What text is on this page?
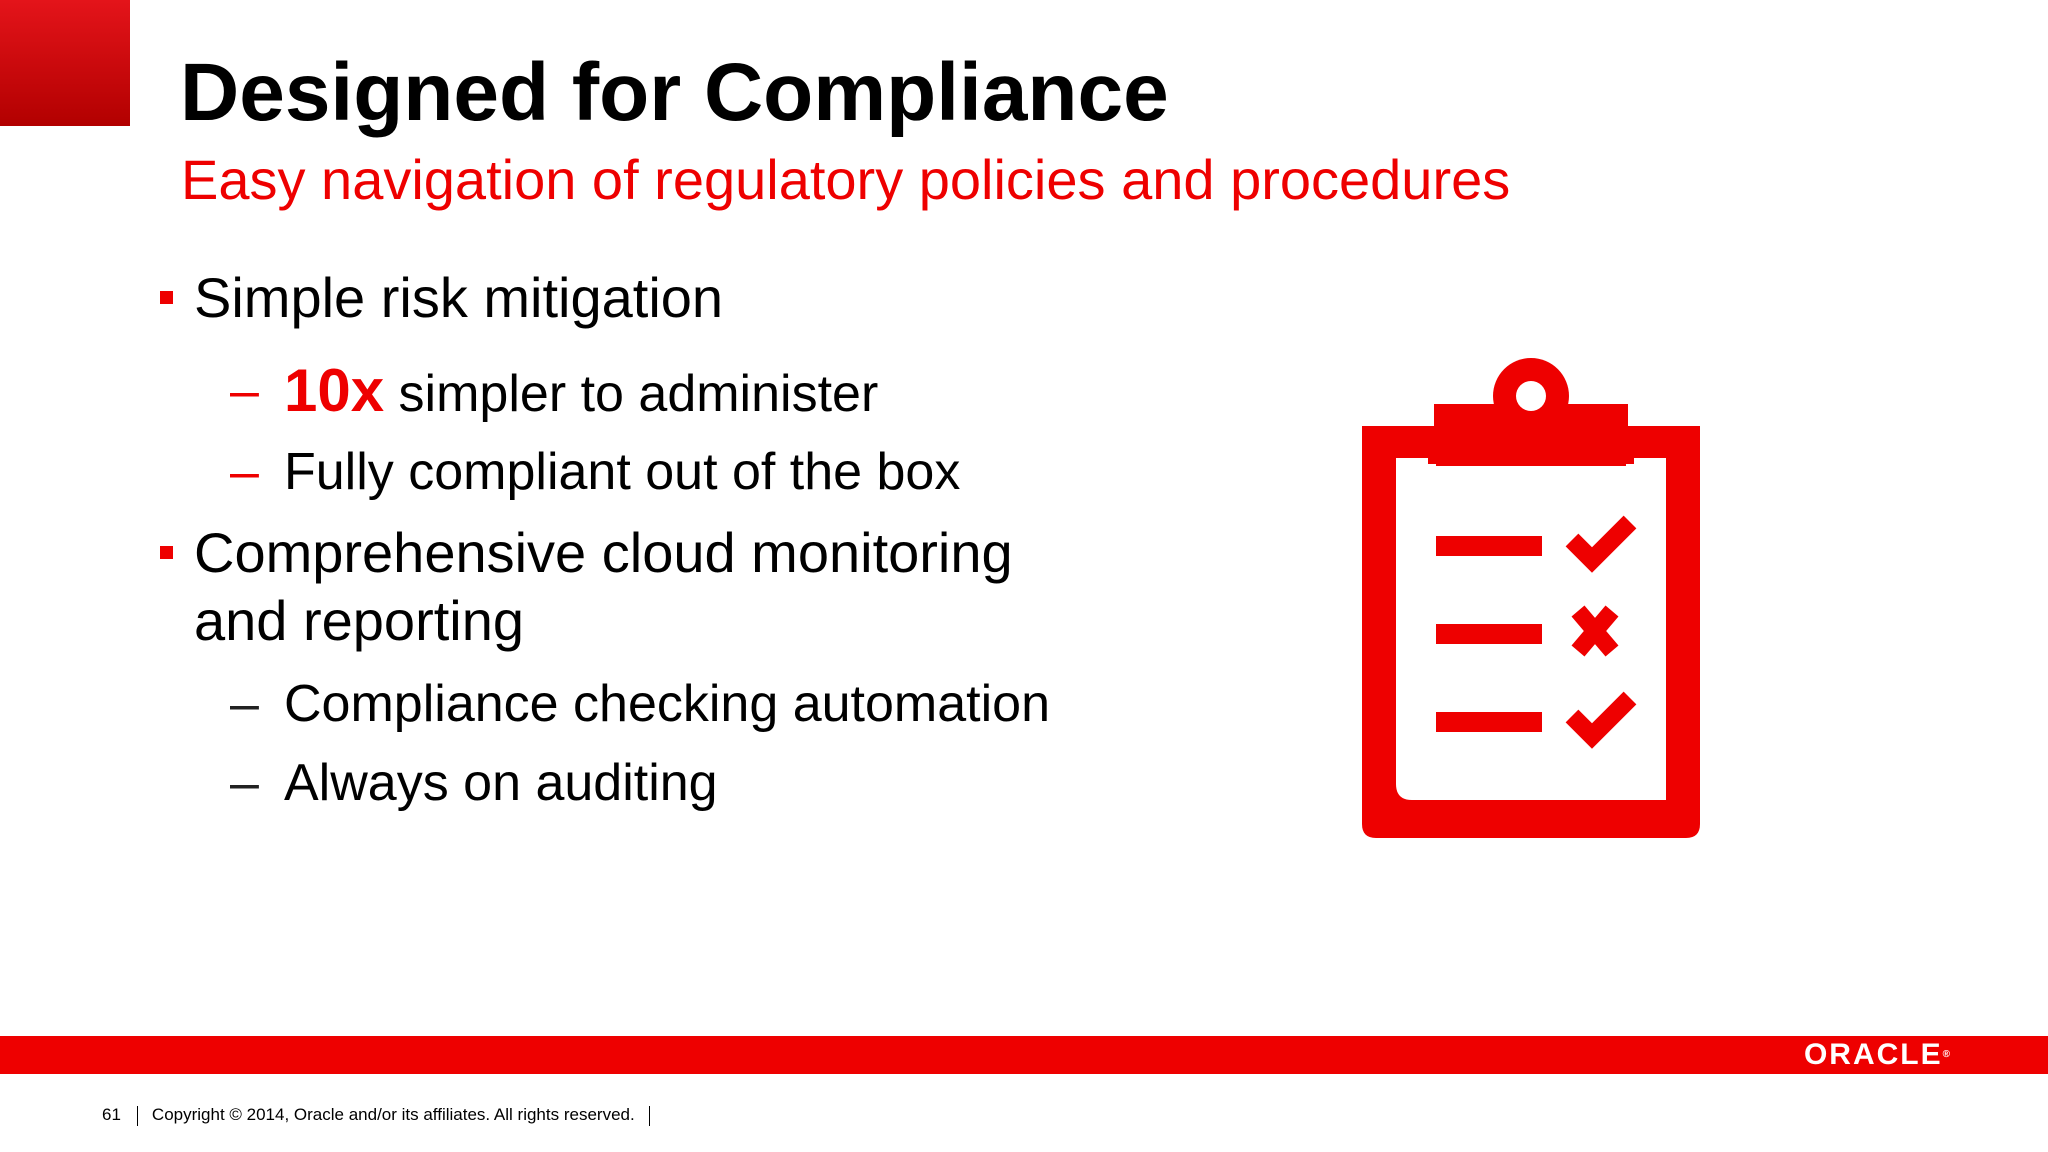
Designed for Compliance

Easy navigation of regulatory policies and procedures

Simple risk mitigation
– 10x simpler to administer
– Fully compliant out of the box
Comprehensive cloud monitoring
and reporting
– Compliance checking automation
– Always on auditing
ORACLE®
61 Copyright © 2014, Oracle and/or its affiliates. All rights reserved.
